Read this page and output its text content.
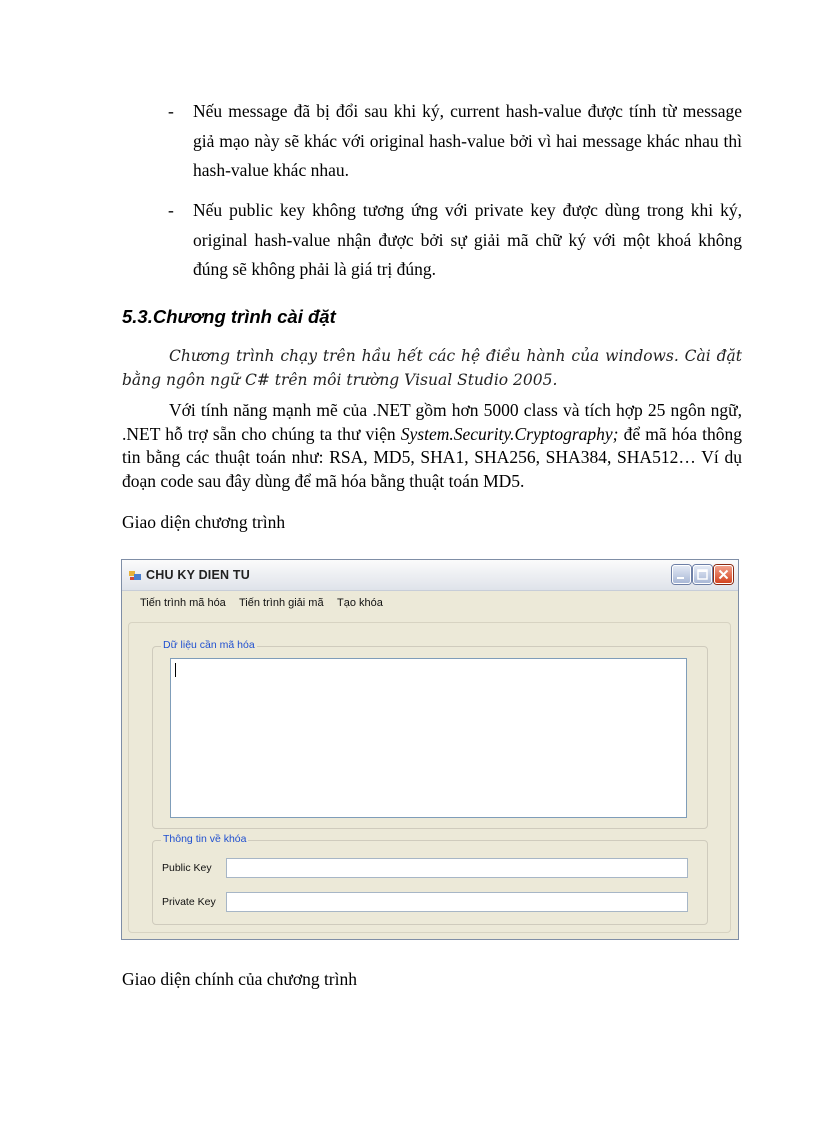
- Nếu message đã bị đổi sau khi ký, current hash-value được tính từ message giả mạo này sẽ khác với original hash-value bởi vì hai message khác nhau thì hash-value khác nhau.
- Nếu public key không tương ứng với private key được dùng trong khi ký, original hash-value nhận được bởi sự giải mã chữ ký với một khoá không đúng sẽ không phải là giá trị đúng.
5.3.Chương trình cài đặt
Chương trình chạy trên hầu hết các hệ điều hành của windows. Cài đặt bằng ngôn ngữ C# trên môi trường Visual Studio 2005.
Với tính năng mạnh mẽ của .NET gồm hơn 5000 class và tích hợp 25 ngôn ngữ, .NET hỗ trợ sẵn cho chúng ta thư viện System.Security.Cryptography; để mã hóa thông tin bằng các thuật toán như: RSA, MD5, SHA1, SHA256, SHA384, SHA512… Ví dụ đoạn code sau đây dùng để mã hóa bằng thuật toán MD5.
Giao diện chương trình
CHU KY DIEN TU
Tiến trình mã hóa Tiến trình giải mã Tạo khóa
Dữ liệu cần mã hóa
Thông tin về khóa
Public Key
Private Key
Giao diện chính của chương trình
